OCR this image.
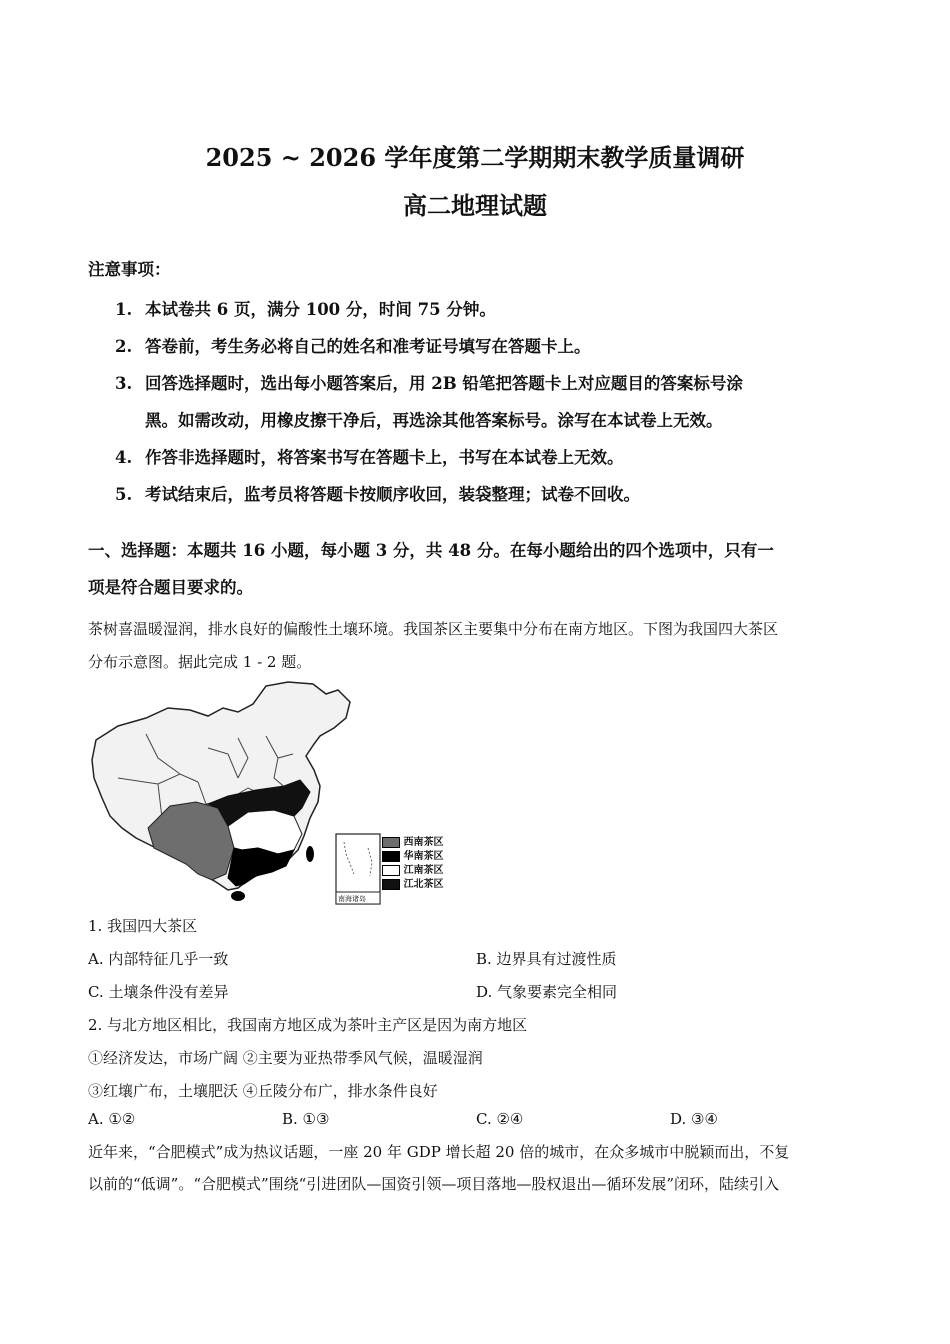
2025 ~ 2026 学年度第二学期期末教学质量调研
高二地理试题
注意事项：
1. 本试卷共 6 页，满分 100 分，时间 75 分钟。
2. 答卷前，考生务必将自己的姓名和准考证号填写在答题卡上。
3. 回答选择题时，选出每小题答案后，用 2B 铅笔把答题卡上对应题目的答案标号涂
黑。如需改动，用橡皮擦干净后，再选涂其他答案标号。涂写在本试卷上无效。
4. 作答非选择题时，将答案书写在答题卡上，书写在本试卷上无效。
5. 考试结束后，监考员将答题卡按顺序收回，装袋整理；试卷不回收。
一、选择题：本题共 16 小题，每小题 3 分，共 48 分。在每小题给出的四个选项中，只有一
项是符合题目要求的。
茶树喜温暖湿润，排水良好的偏酸性土壤环境。我国茶区主要集中分布在南方地区。下图为我国四大茶区
分布示意图。据此完成 1 - 2 题。
南海诸岛
西南茶区
华南茶区
江南茶区
江北茶区
1. 我国四大茶区
A. 内部特征几乎一致	B. 边界具有过渡性质
C. 土壤条件没有差异	D. 气象要素完全相同
2. 与北方地区相比，我国南方地区成为茶叶主产区是因为南方地区
①经济发达，市场广阔 ②主要为亚热带季风气候，温暖湿润
③红壤广布，土壤肥沃 ④丘陵分布广，排水条件良好
A. ①②	B. ①③	C. ②④	D. ③④
近年来，“合肥模式”成为热议话题，一座 20 年 GDP 增长超 20 倍的城市，在众多城市中脱颖而出，不复
以前的“低调”。“合肥模式”围绕“引进团队—国资引领—项目落地—股权退出—循环发展”闭环，陆续引入
